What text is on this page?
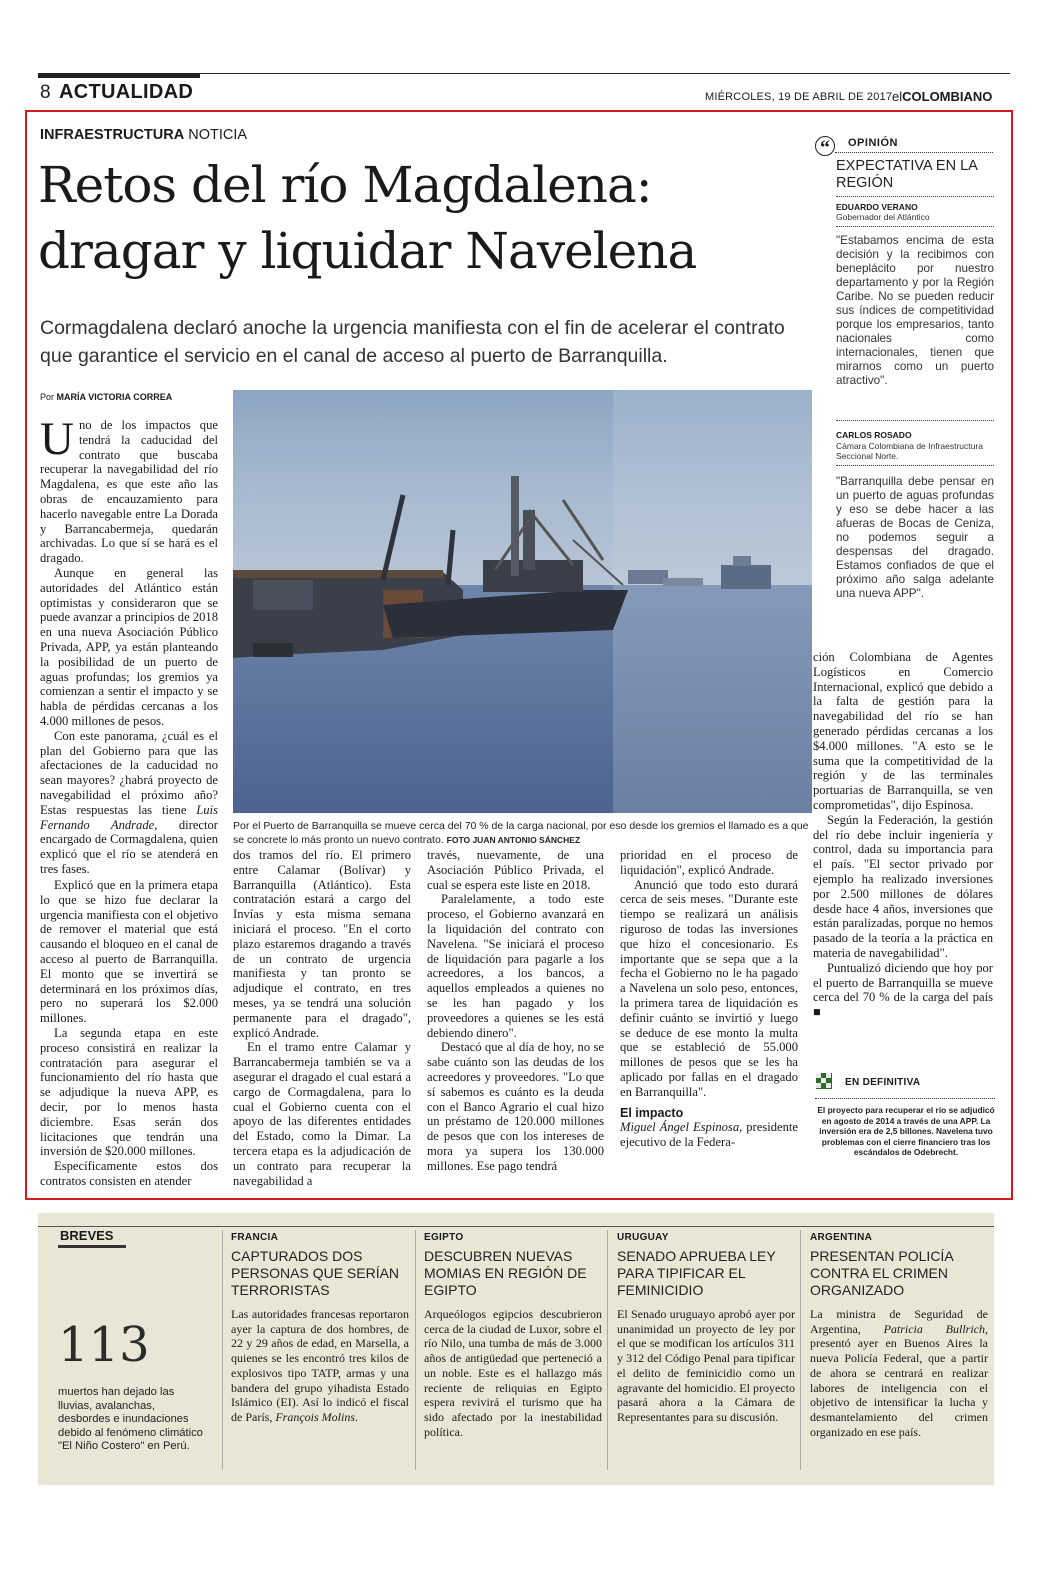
8 ACTUALIDAD	MIÉRCOLES, 19 DE ABRIL DE 2017 elCOLOMBIANO
INFRAESTRUCTURA NOTICIA
Retos del río Magdalena: dragar y liquidar Navelena
Cormagdalena declaró anoche la urgencia manifiesta con el fin de acelerar el contrato que garantice el servicio en el canal de acceso al puerto de Barranquilla.
Por MARÍA VICTORIA CORREA
Por el Puerto de Barranquilla se mueve cerca del 70 % de la carga nacional, por eso desde los gremios el llamado es a que se concrete lo más pronto un nuevo contrato. FOTO JUAN ANTONIO SÁNCHEZ

Uno de los impactos que tendrá la caducidad del contrato que buscaba recuperar la navegabilidad del río Magdalena, es que este año las obras de encauzamiento para hacerlo navegable entre La Dorada y Barrancabermeja, quedarán archivadas. Lo que sí se hará es el dragado.

Aunque en general las autoridades del Atlántico están optimistas y consideraron que se puede avanzar a principios de 2018 en una nueva Asociación Público Privada, APP, ya están planteando la posibilidad de un puerto de aguas profundas; los gremios ya comienzan a sentir el impacto y se habla de pérdidas cercanas a los 4.000 millones de pesos.

Con este panorama, ¿cuál es el plan del Gobierno para que las afectaciones de la caducidad no sean mayores? ¿habrá proyecto de navegabilidad el próximo año? Estas respuestas las tiene Luis Fernando Andrade, director encargado de Cormagdalena, quien explicó que el río se atenderá en tres fases.

Explicó que en la primera etapa lo que se hizo fue declarar la urgencia manifiesta con el objetivo de remover el material que está causando el bloqueo en el canal de acceso al puerto de Barranquilla. El monto que se invertirá se determinará en los próximos días, pero no superará los $2.000 millones.

La segunda etapa en este proceso consistirá en realizar la contratación para asegurar el funcionamiento del río hasta que se adjudique la nueva APP, es decir, por lo menos hasta diciembre. Esas serán dos licitaciones que tendrán una inversión de $20.000 millones.

Específicamente estos dos contratos consisten en atender

dos tramos del río. El primero entre Calamar (Bolívar) y Barranquilla (Atlántico). Esta contratación estará a cargo del Invías y esta misma semana iniciará el proceso. "En el corto plazo estaremos dragando a través de un contrato de urgencia manifiesta y tan pronto se adjudique el contrato, en tres meses, ya se tendrá una solución permanente para el dragado", explicó Andrade.

En el tramo entre Calamar y Barrancabermeja también se va a asegurar el dragado el cual estará a cargo de Cormagdalena, para lo cual el Gobierno cuenta con el apoyo de las diferentes entidades del Estado, como la Dimar. La tercera etapa es la adjudicación de un contrato para recuperar la navegabilidad a

través, nuevamente, de una Asociación Público Privada, el cual se espera este liste en 2018.

Paralelamente, a todo este proceso, el Gobierno avanzará en la liquidación del contrato con Navelena. "Se iniciará el proceso de liquidación para pagarle a los acreedores, a los bancos, a aquellos empleados a quienes no se les han pagado y los proveedores a quienes se les está debiendo dinero".

Destacó que al día de hoy, no se sabe cuánto son las deudas de los acreedores y proveedores. "Lo que sí sabemos es cuánto es la deuda con el Banco Agrario el cual hizo un préstamo de 120.000 millones de pesos que con los intereses de mora ya supera los 130.000 millones. Ese pago tendrá

prioridad en el proceso de liquidación", explicó Andrade.

Anunció que todo esto durará cerca de seis meses. "Durante este tiempo se realizará un análisis riguroso de todas las inversiones que hizo el concesionario. Es importante que se sepa que a la fecha el Gobierno no le ha pagado a Navelena un solo peso, entonces, la primera tarea de liquidación es definir cuánto se invirtió y luego se deduce de ese monto la multa que se estableció de 55.000 millones de pesos que se les ha aplicado por fallas en el dragado en Barranquilla".

El impacto

Miguel Ángel Espinosa, presidente ejecutivo de la Federa-

ción Colombiana de Agentes Logísticos en Comercio Internacional, explicó que debido a la falta de gestión para la navegabilidad del río se han generado pérdidas cercanas a los $4.000 millones. "A esto se le suma que la competitividad de la región y de las terminales portuarias de Barranquilla, se ven comprometidas", dijo Espinosa.

Según la Federación, la gestión del río debe incluir ingeniería y control, dada su importancia para el país. "El sector privado por ejemplo ha realizado inversiones por 2.500 millones de dólares desde hace 4 años, inversiones que están paralizadas, porque no hemos pasado de la teoría a la práctica en materia de navegabilidad".

Puntualizó diciendo que hoy por el puerto de Barranquilla se mueve cerca del 70 % de la carga del país ■

“	OPINIÓN
EXPECTATIVA EN LA REGIÓN
EDUARDO VERANO
Gobernador del Atlántico
"Estabamos encima de esta decisión y la recibimos con beneplácito por nuestro departamento y por la Región Caribe. No se pueden reducir sus índices de competitividad porque los empresarios, tanto nacionales como internacionales, tienen que mirarnos como un puerto atractivo".
CARLOS ROSADO
Cámara Colombiana de Infraestructura Seccional Norte.
"Barranquilla debe pensar en un puerto de aguas profundas y eso se debe hacer a las afueras de Bocas de Ceniza, no podemos seguir a despensas del dragado. Estamos confiados de que el próximo año salga adelante una nueva APP".
EN DEFINITIVA
El proyecto para recuperar el río se adjudicó en agosto de 2014 a través de una APP. La inversión era de 2,5 billones. Navelena tuvo problemas con el cierre financiero tras los escándalos de Odebrecht.
BREVES
113
muertos han dejado las lluvias, avalanchas, desbordes e inundaciones debido al fenómeno climático "El Niño Costero" en Perú.
FRANCIA
CAPTURADOS DOS PERSONAS QUE SERÍAN TERRORISTAS
Las autoridades francesas reportaron ayer la captura de dos hombres, de 22 y 29 años de edad, en Marsella, a quienes se les encontró tres kilos de explosivos tipo TATP, armas y una bandera del grupo yihadista Estado Islámico (EI). Así lo indicó el fiscal de París, François Molins.
EGIPTO
DESCUBREN NUEVAS MOMIAS EN REGIÓN DE EGIPTO
Arqueólogos egipcios descubrieron cerca de la ciudad de Luxor, sobre el río Nilo, una tumba de más de 3.000 años de antigüedad que perteneció a un noble. Este es el hallazgo más reciente de reliquias en Egipto espera revivirá el turismo que ha sido afectado por la inestabilidad política.
URUGUAY
SENADO APRUEBA LEY PARA TIPIFICAR EL FEMINICIDIO
El Senado uruguayo aprobó ayer por unanimidad un proyecto de ley por el que se modifican los artículos 311 y 312 del Código Penal para tipificar el delito de feminicidio como un agravante del homicidio. El proyecto pasará ahora a la Cámara de Representantes para su discusión.
ARGENTINA
PRESENTAN POLICÍA CONTRA EL CRIMEN ORGANIZADO
La ministra de Seguridad de Argentina, Patricia Bullrich, presentó ayer en Buenos Aires la nueva Policía Federal, que a partir de ahora se centrará en realizar labores de inteligencia con el objetivo de intensificar la lucha y desmantelamiento del crimen organizado en ese país.
